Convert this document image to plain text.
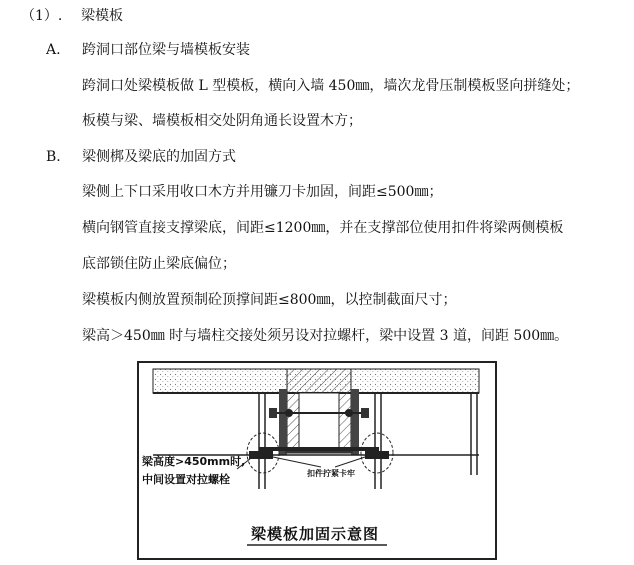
（1）. 梁模板
A. 跨洞口部位梁与墙模板安装
跨洞口处梁模板做 L 型模板，横向入墙 450㎜，墙次龙骨压制模板竖向拼缝处；
板模与梁、墙模板相交处阴角通长设置木方；
B. 梁侧梆及梁底的加固方式
梁侧上下口采用收口木方并用镰刀卡加固，间距≤500㎜；
横向钢管直接支撑梁底，间距≤1200㎜，并在支撑部位使用扣件将梁两侧模板
底部锁住防止梁底偏位；
梁模板内侧放置预制砼顶撑间距≤800㎜，以控制截面尺寸；
梁高＞450㎜ 时与墙柱交接处须另设对拉螺杆，梁中设置 3 道，间距 500㎜。
梁高度>450mm时,
中间设置对拉螺栓	扣件拧紧卡牢
梁模板加固示意图
